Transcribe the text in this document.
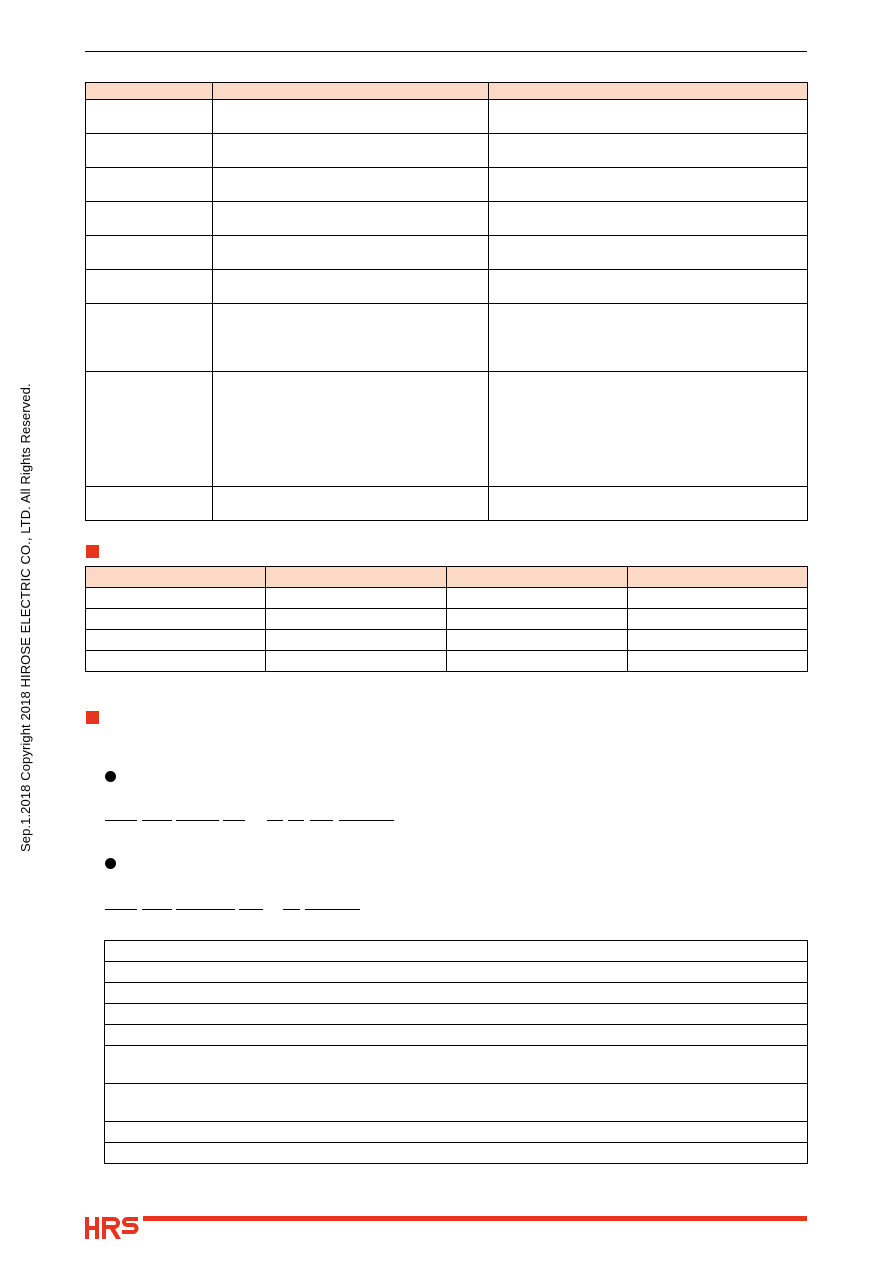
Sep.1.2018 Copyright 2018 HIROSE ELECTRIC CO., LTD. All Rights Reserved.
